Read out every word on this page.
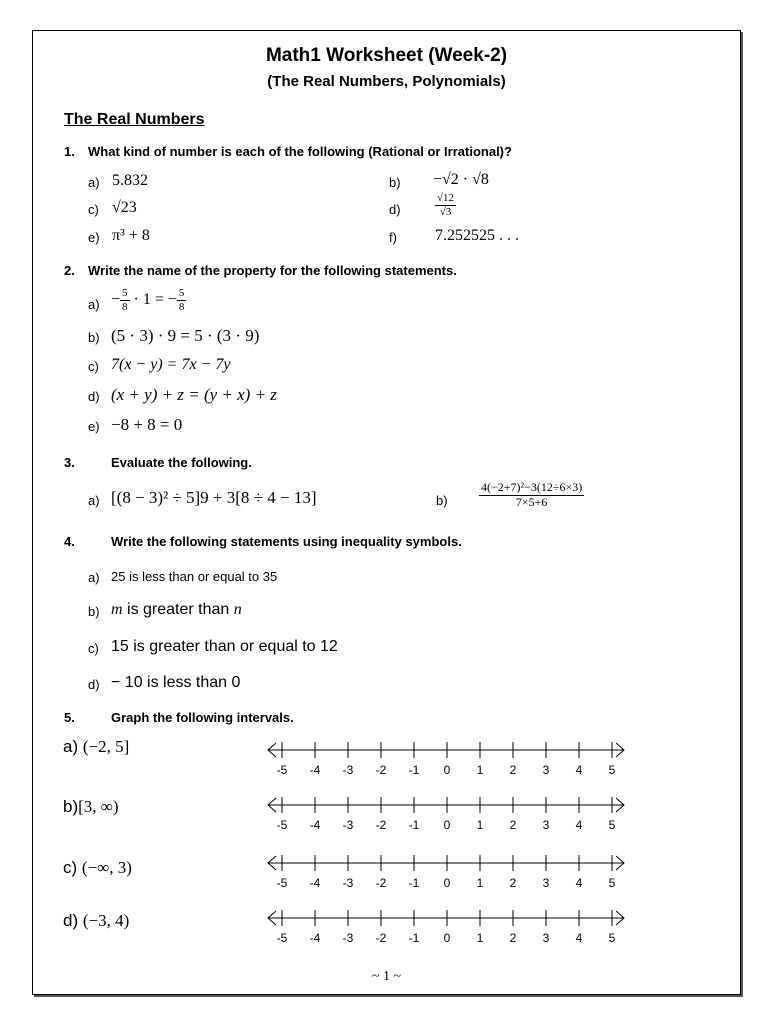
Math1 Worksheet (Week-2)
(The Real Numbers, Polynomials)
The Real Numbers
1. What kind of number is each of the following (Rational or Irrational)?
a) 5.832	b) −√2 · √8
c) √23	d)	$\frac{√12}{√3}$
e) π³ + 8	f) 7.252525 . . .
2. Write the name of the property for the following statements.
$a) - \frac{5}{8} \cdot 1$ = − $\frac{5}{8}$
b) (5 · 3) · 9 = 5 · (3 · 9)
c) 7(x − y) = 7x − 7y
d) (x + y) + z = (y + x) + z
e) −8 + 8 = 0
3.	Evaluate the following.
a) [(8 − 3)² ÷ 5]9 + 3[8 ÷ 4 − 13]	b)	$\frac{\text{4(−2+7)²−3(12÷6×3)}}{7\times 5+6}$
4.	Write the following statements using inequality symbols.
a) 25 is less than or equal to 35
b) m is greater than n
c) 15 is greater than or equal to 12
d) − 10 is less than 0
5.	Graph the following intervals.
a) (−2, 5]
-5 -4 -3 -2 -1 0 1 2 3 4 5
b)[3, ∞)
-5 -4 -3 -2 -1 0 1 2 3 4 5
c) (−∞, 3)
-5 -4 -3 -2 -1 0 1 2 3 4 5
d) (−3, 4)
-5 -4 -3 -2 -1 0 1 2 3 4 5
~ 1 ~
